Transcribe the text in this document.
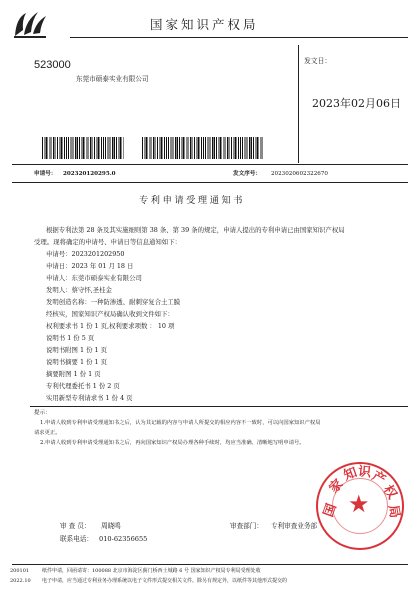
国家知识产权局
523000
东莞市硕泰实业有限公司
发文日：
2023年02月06日
申请号： 202320120295.0	发文序号： 2023020602322670
专利申请受理通知书
根据专利法第 28 条及其实施细则第 38 条、第 39 条的规定，申请人提出的专利申请已由国家知识产权局
受理。现将确定的申请号、申请日等信息通知如下：
申请号：2023201202950
申请日：2023 年 01 月 18 日
申请人：东莞市硕泰实业有限公司
发明人：蔡守怀,圣桂金
发明创造名称：一种防渗透、耐刺穿复合土工膜
经核实，国家知识产权局确认收到文件如下：
权利要求书 1 份 1 页,权利要求项数 ： 10 项
说明书 1 份 5 页
说明书附图 1 份 1 页
说明书摘要 1 份 1 页
摘要附图 1 份 1 页
专利代理委托书 1 份 2 页
实用新型专利请求书 1 份 4 页
提示：
1.申请人收到专利申请受理通知书之后，认为其记载的内容与申请人所提交的相应内容不一致时，可以向国家知识产权局
请求更正。
2.申请人收到专利申请受理通知书之后，再向国家知识产权局办理各种手续时，均应当准确、清晰地写明申请号。
审 查 员： 周晓鸣
联系电话： 010-62356655
审查部门： 专利审查业务部
★
国
家
知
识
产
权
局
200101
2022.10
纸件申请，回函请寄：100088 北京市海淀区蓟门桥西土城路 6 号 国家知识产权局专利局受理处收
电子申请，应当通过专利业务办理系统以电子文件形式提交相关文件。除另有规定外，以纸件等其他形式提交的
